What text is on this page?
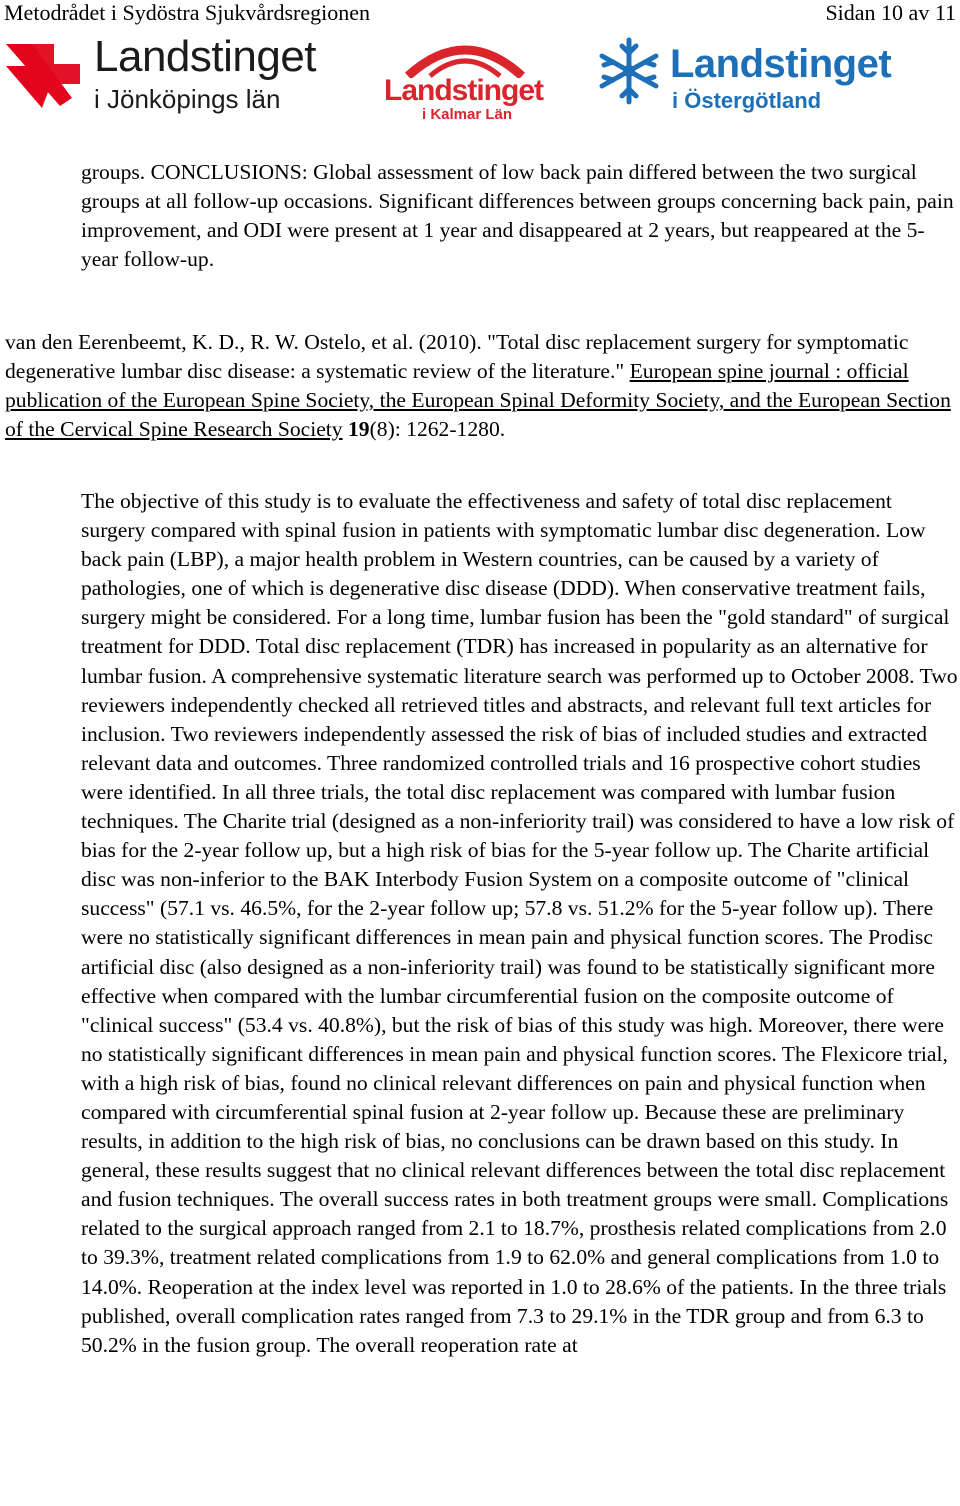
Metodrådet i Sydöstra Sjukvårdsregionen	Sidan 10 av 11
Landstinget
i Jönköpings län	Landstinget
i Kalmar Län
Landstinget
i Östergötland

groups. CONCLUSIONS: Global assessment of low back pain differed between the two surgical groups at all follow-up occasions. Significant differences between groups concerning back pain, pain improvement, and ODI were present at 1 year and disappeared at 2 years, but reappeared at the 5-year follow-up.

van den Eerenbeemt, K. D., R. W. Ostelo, et al. (2010). "Total disc replacement surgery for symptomatic degenerative lumbar disc disease: a systematic review of the literature." European spine journal : official publication of the European Spine Society, the European Spinal Deformity Society, and the European Section of the Cervical Spine Research Society 19(8): 1262-1280.

The objective of this study is to evaluate the effectiveness and safety of total disc replacement surgery compared with spinal fusion in patients with symptomatic lumbar disc degeneration. Low back pain (LBP), a major health problem in Western countries, can be caused by a variety of pathologies, one of which is degenerative disc disease (DDD). When conservative treatment fails, surgery might be considered. For a long time, lumbar fusion has been the "gold standard" of surgical treatment for DDD. Total disc replacement (TDR) has increased in popularity as an alternative for lumbar fusion. A comprehensive systematic literature search was performed up to October 2008. Two reviewers independently checked all retrieved titles and abstracts, and relevant full text articles for inclusion. Two reviewers independently assessed the risk of bias of included studies and extracted relevant data and outcomes. Three randomized controlled trials and 16 prospective cohort studies were identified. In all three trials, the total disc replacement was compared with lumbar fusion techniques. The Charite trial (designed as a non-inferiority trail) was considered to have a low risk of bias for the 2-year follow up, but a high risk of bias for the 5-year follow up. The Charite artificial disc was non-inferior to the BAK Interbody Fusion System on a composite outcome of "clinical success" (57.1 vs. 46.5%, for the 2-year follow up; 57.8 vs. 51.2% for the 5-year follow up). There were no statistically significant differences in mean pain and physical function scores. The Prodisc artificial disc (also designed as a non-inferiority trail) was found to be statistically significant more effective when compared with the lumbar circumferential fusion on the composite outcome of "clinical success" (53.4 vs. 40.8%), but the risk of bias of this study was high. Moreover, there were no statistically significant differences in mean pain and physical function scores. The Flexicore trial, with a high risk of bias, found no clinical relevant differences on pain and physical function when compared with circumferential spinal fusion at 2-year follow up. Because these are preliminary results, in addition to the high risk of bias, no conclusions can be drawn based on this study. In general, these results suggest that no clinical relevant differences between the total disc replacement and fusion techniques. The overall success rates in both treatment groups were small. Complications related to the surgical approach ranged from 2.1 to 18.7%, prosthesis related complications from 2.0 to 39.3%, treatment related complications from 1.9 to 62.0% and general complications from 1.0 to 14.0%. Reoperation at the index level was reported in 1.0 to 28.6% of the patients. In the three trials published, overall complication rates ranged from 7.3 to 29.1% in the TDR group and from 6.3 to 50.2% in the fusion group. The overall reoperation rate at
